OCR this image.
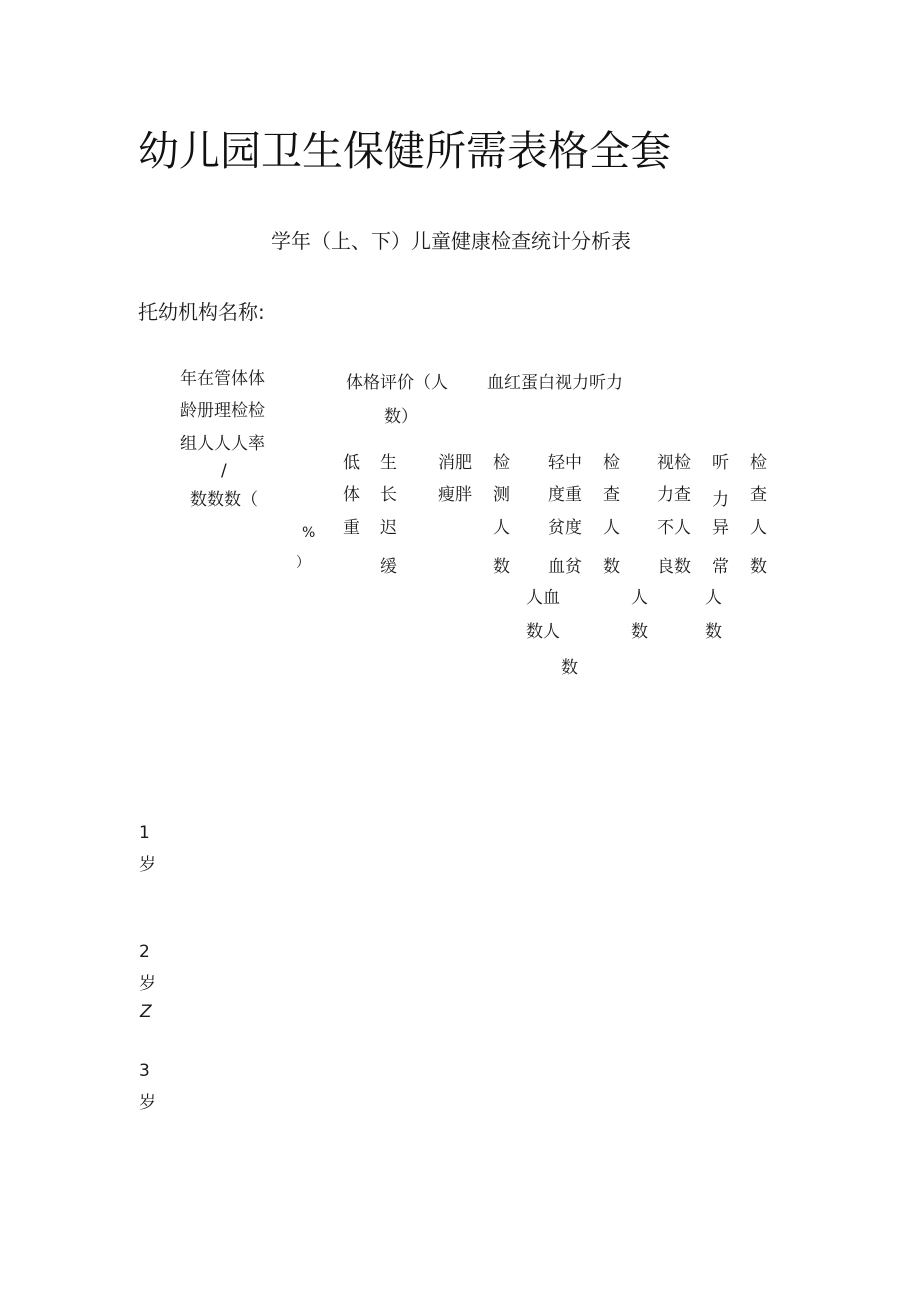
幼儿园卫生保健所需表格全套
学年（上、下）儿童健康检查统计分析表
托幼机构名称:
年在管体体
龄册理检检
组人人人率
/
数数数（
%
）
体格评价（人
数）
血红蛋白视力听力
低
体
重
生
长
迟
缓
消肥
瘦胖
检
测
人
数
轻中
度重
贫度
血贫
人血
数人
数
检
查
人
数
人
数
视检
力查
不人
良数
听
力
异
常
人
数
检
查
人
数
1
岁
2
岁
Z
3
岁
